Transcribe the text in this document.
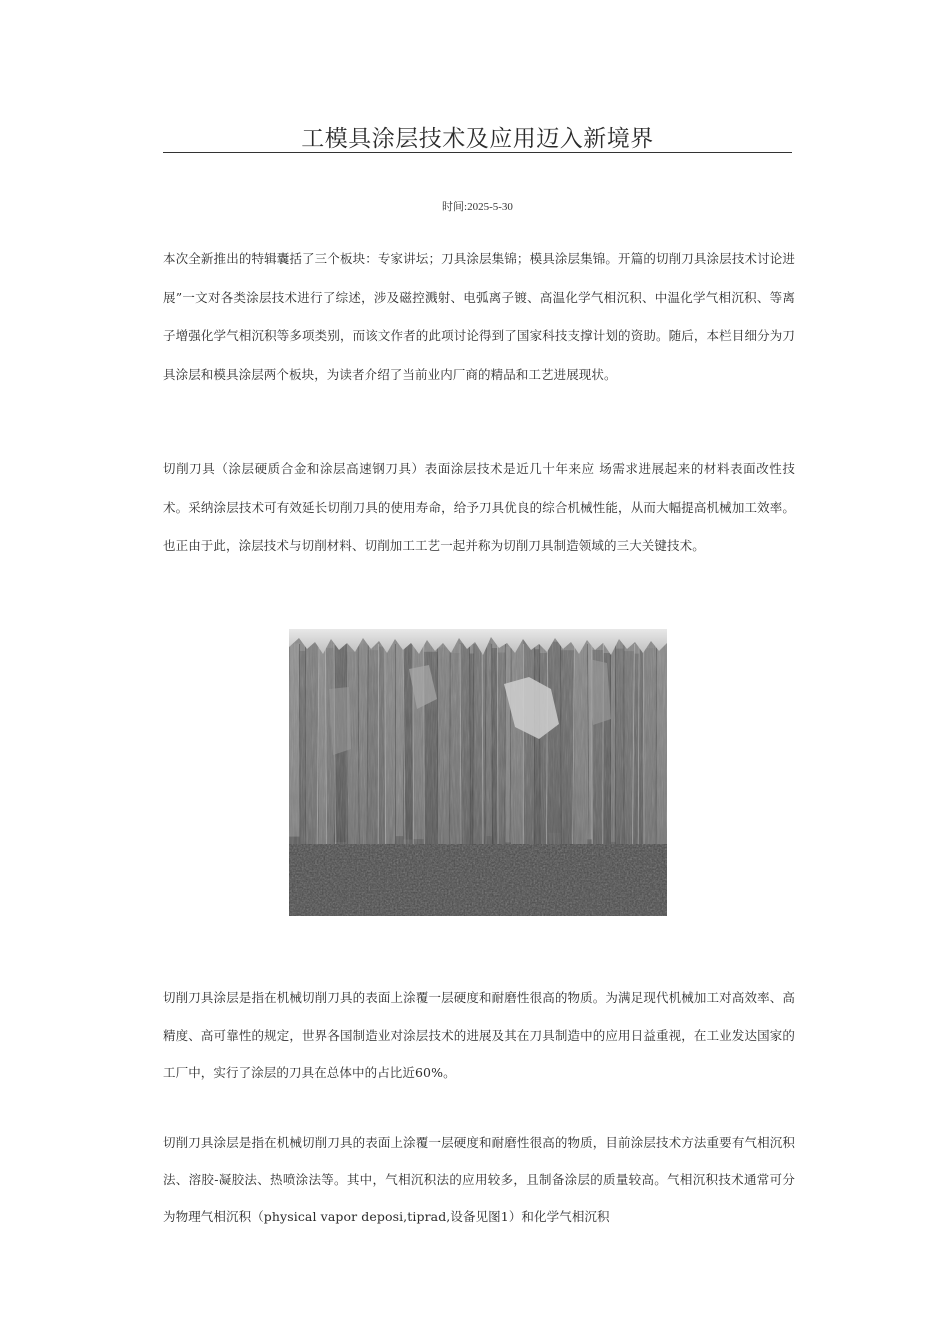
工模具涂层技术及应用迈入新境界
时间:2025-5-30

本次全新推出的特辑囊括了三个板块：专家讲坛；刀具涂层集锦；模具涂层集锦。开篇的切削刀具涂层技术讨论进展”一文对各类涂层技术进行了综述，涉及磁控溅射、电弧离子镀、高温化学气相沉积、中温化学气相沉积、等离子增强化学气相沉积等多项类别，而该文作者的此项讨论得到了国家科技支撑计划的资助。随后，本栏目细分为刀具涂层和模具涂层两个板块，为读者介绍了当前业内厂商的精品和工艺进展现状。

切削刀具（涂层硬质合金和涂层高速钢刀具）表面涂层技术是近几十年来应 场需求进展起来的材料表面改性技术。采纳涂层技术可有效延长切削刀具的使用寿命，给予刀具优良的综合机械性能，从而大幅提高机械加工效率。也正由于此，涂层技术与切削材料、切削加工工艺一起并称为切削刀具制造领域的三大关键技术。

切削刀具涂层是指在机械切削刀具的表面上涂覆一层硬度和耐磨性很高的物质。为满足现代机械加工对高效率、高精度、高可靠性的规定，世界各国制造业对涂层技术的进展及其在刀具制造中的应用日益重视，在工业发达国家的工厂中，实行了涂层的刀具在总体中的占比近60%。

切削刀具涂层是指在机械切削刀具的表面上涂覆一层硬度和耐磨性很高的物质，目前涂层技术方法重要有气相沉积法、溶胶-凝胶法、热喷涂法等。其中，气相沉积法的应用较多，且制备涂层的质量较高。气相沉积技术通常可分为物理气相沉积（physical vapor deposi,tiprad,设备见图1）和化学气相沉积
